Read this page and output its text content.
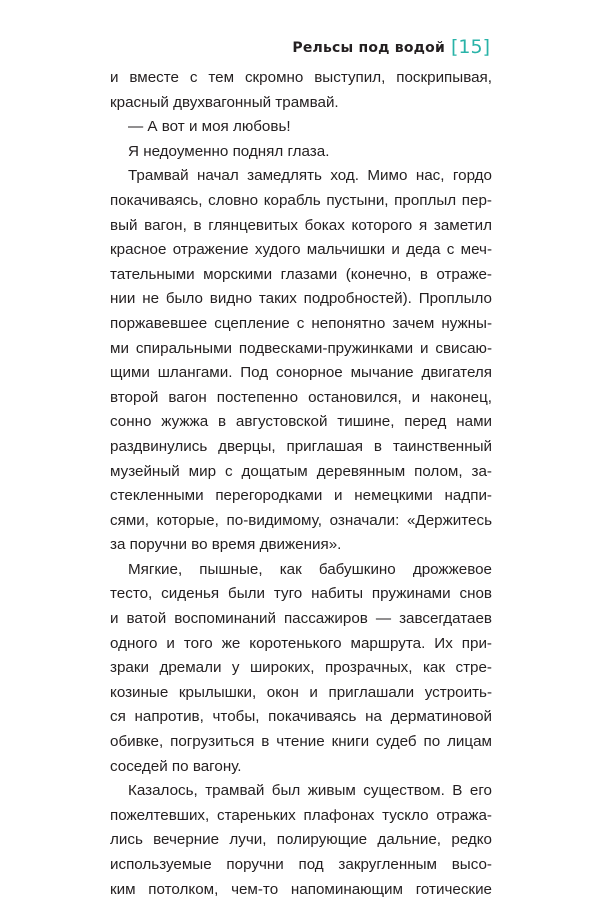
Рельсы под водой [15]
и вместе с тем скромно выступил, поскрипывая,
красный двухвагонный трамвай.
— А вот и моя любовь!
Я недоуменно поднял глаза.
Трамвай начал замедлять ход. Мимо нас, гордо
покачиваясь, словно корабль пустыни, проплыл пер-
вый вагон, в глянцевитых боках которого я заметил
красное отражение худого мальчишки и деда с меч-
тательными морскими глазами (конечно, в отраже-
нии не было видно таких подробностей). Проплыло
поржавевшее сцепление с непонятно зачем нужны-
ми спиральными подвесками-пружинками и свисаю-
щими шлангами. Под сонорное мычание двигателя
второй вагон постепенно остановился, и наконец,
сонно жужжа в августовской тишине, перед нами
раздвинулись дверцы, приглашая в таинственный
музейный мир с дощатым деревянным полом, за-
стекленными перегородками и немецкими надпи-
сями, которые, по-видимому, означали: «Держитесь
за поручни во время движения».
Мягкие, пышные, как бабушкино дрожжевое
тесто, сиденья были туго набиты пружинами снов
и ватой воспоминаний пассажиров — завсегдатаев
одного и того же коротенького маршрута. Их при-
зраки дремали у широких, прозрачных, как стре-
козиные крылышки, окон и приглашали устроить-
ся напротив, чтобы, покачиваясь на дерматиновой
обивке, погрузиться в чтение книги судеб по лицам
соседей по вагону.
Казалось, трамвай был живым существом. В его
пожелтевших, стареньких плафонах тускло отража-
лись вечерние лучи, полирующие дальние, редко
используемые поручни под закругленным высо-
ким потолком, чем-то напоминающим готические
